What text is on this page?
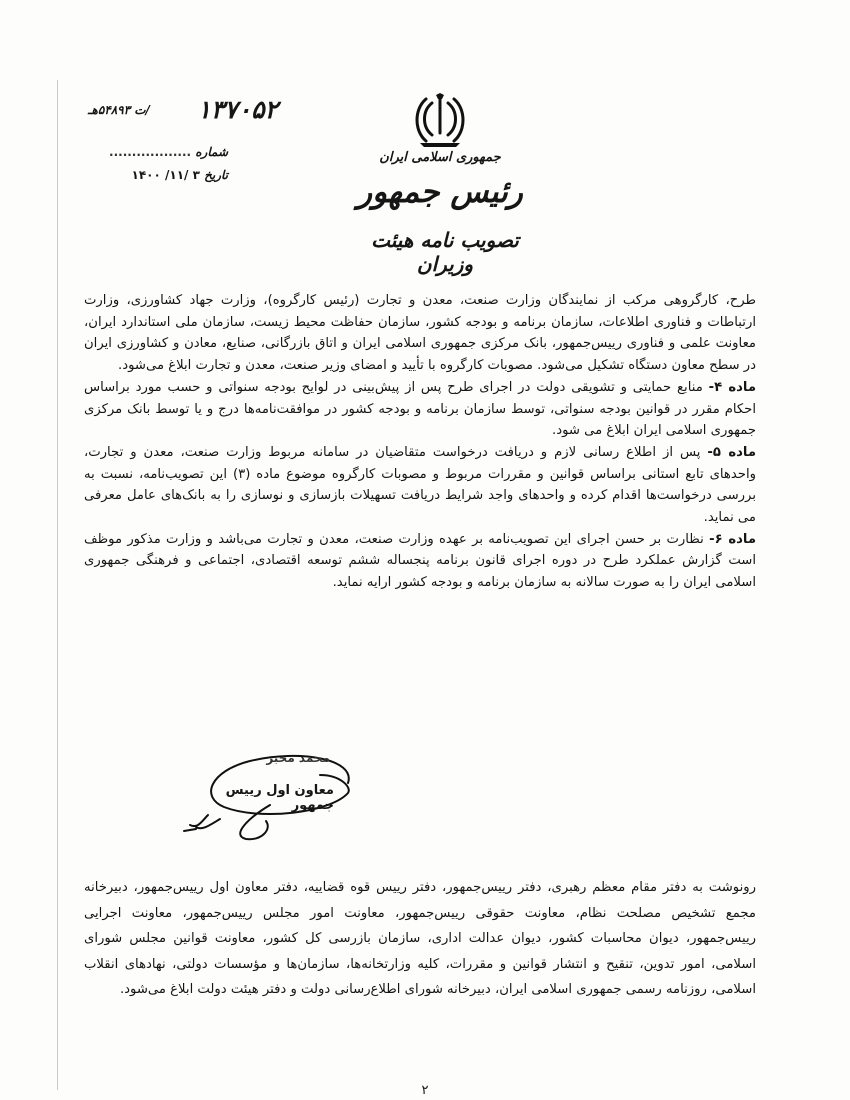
جمهوری اسلامی ایران
رئیس جمهور
تصویب نامه هیئت وزیران
۱۳۷۰۵۲
/ت ۵۴۸۹۳هـ
شماره ..................
تاریخ ۳ /۱۱/ ۱۴۰۰

طرح، کارگروهی مرکب از نمایندگان وزارت صنعت، معدن و تجارت (رئیس کارگروه)، وزارت جهاد کشاورزی، وزارت ارتباطات و فناوری اطلاعات، سازمان برنامه و بودجه کشور، سازمان حفاظت محیط زیست، سازمان ملی استاندارد ایران، معاونت علمی و فناوری رییس‌جمهور، بانک مرکزی جمهوری اسلامی ایران و اتاق بازرگانی، صنایع، معادن و کشاورزی ایران در سطح معاون دستگاه تشکیل می‌شود. مصوبات کارگروه با تأیید و امضای وزیر صنعت، معدن و تجارت ابلاغ می‌شود.

ماده ۴- منابع حمایتی و تشویقی دولت در اجرای طرح پس از پیش‌بینی در لوایح بودجه سنواتی و حسب مورد براساس احکام مقرر در قوانین بودجه سنواتی، توسط سازمان برنامه و بودجه کشور در موافقت‌نامه‌ها درج و یا توسط بانک مرکزی جمهوری اسلامی ایران ابلاغ می شود.

ماده ۵- پس از اطلاع رسانی لازم و دریافت درخواست متقاضیان در سامانه مربوط وزارت صنعت، معدن و تجارت، واحدهای تابع استانی براساس قوانین و مقررات مربوط و مصوبات کارگروه موضوع ماده (۳) این تصویب‌نامه، نسبت به بررسی درخواست‌ها اقدام کرده و واحدهای واجد شرایط دریافت تسهیلات بازسازی و نوسازی را به بانک‌های عامل معرفی می نماید.

ماده ۶- نظارت بر حسن اجرای این تصویب‌نامه بر عهده وزارت صنعت، معدن و تجارت می‌باشد و وزارت مذکور موظف است گزارش عملکرد طرح در دوره اجرای قانون برنامه پنجساله ششم توسعه اقتصادی، اجتماعی و فرهنگی جمهوری اسلامی ایران را به صورت سالانه به سازمان برنامه و بودجه کشور ارایه نماید.

محمد مخبر
معاون اول رییس جمهور

رونوشت به دفتر مقام معظم رهبری، دفتر رییس‌جمهور، دفتر رییس قوه قضاییه، دفتر معاون اول رییس‌جمهور، دبیرخانه مجمع تشخیص مصلحت نظام، معاونت حقوقی رییس‌جمهور، معاونت امور مجلس رییس‌جمهور، معاونت اجرایی رییس‌جمهور، دیوان محاسبات کشور، دیوان عدالت اداری، سازمان بازرسی کل کشور، معاونت قوانین مجلس شورای اسلامی، امور تدوین، تنقیح و انتشار قوانین و مقررات، کلیه وزارتخانه‌ها، سازمان‌ها و مؤسسات دولتی، نهادهای انقلاب اسلامی، روزنامه رسمی جمهوری اسلامی ایران، دبیرخانه شورای اطلاع‌رسانی دولت و دفتر هیئت دولت ابلاغ می‌شود.

۲
